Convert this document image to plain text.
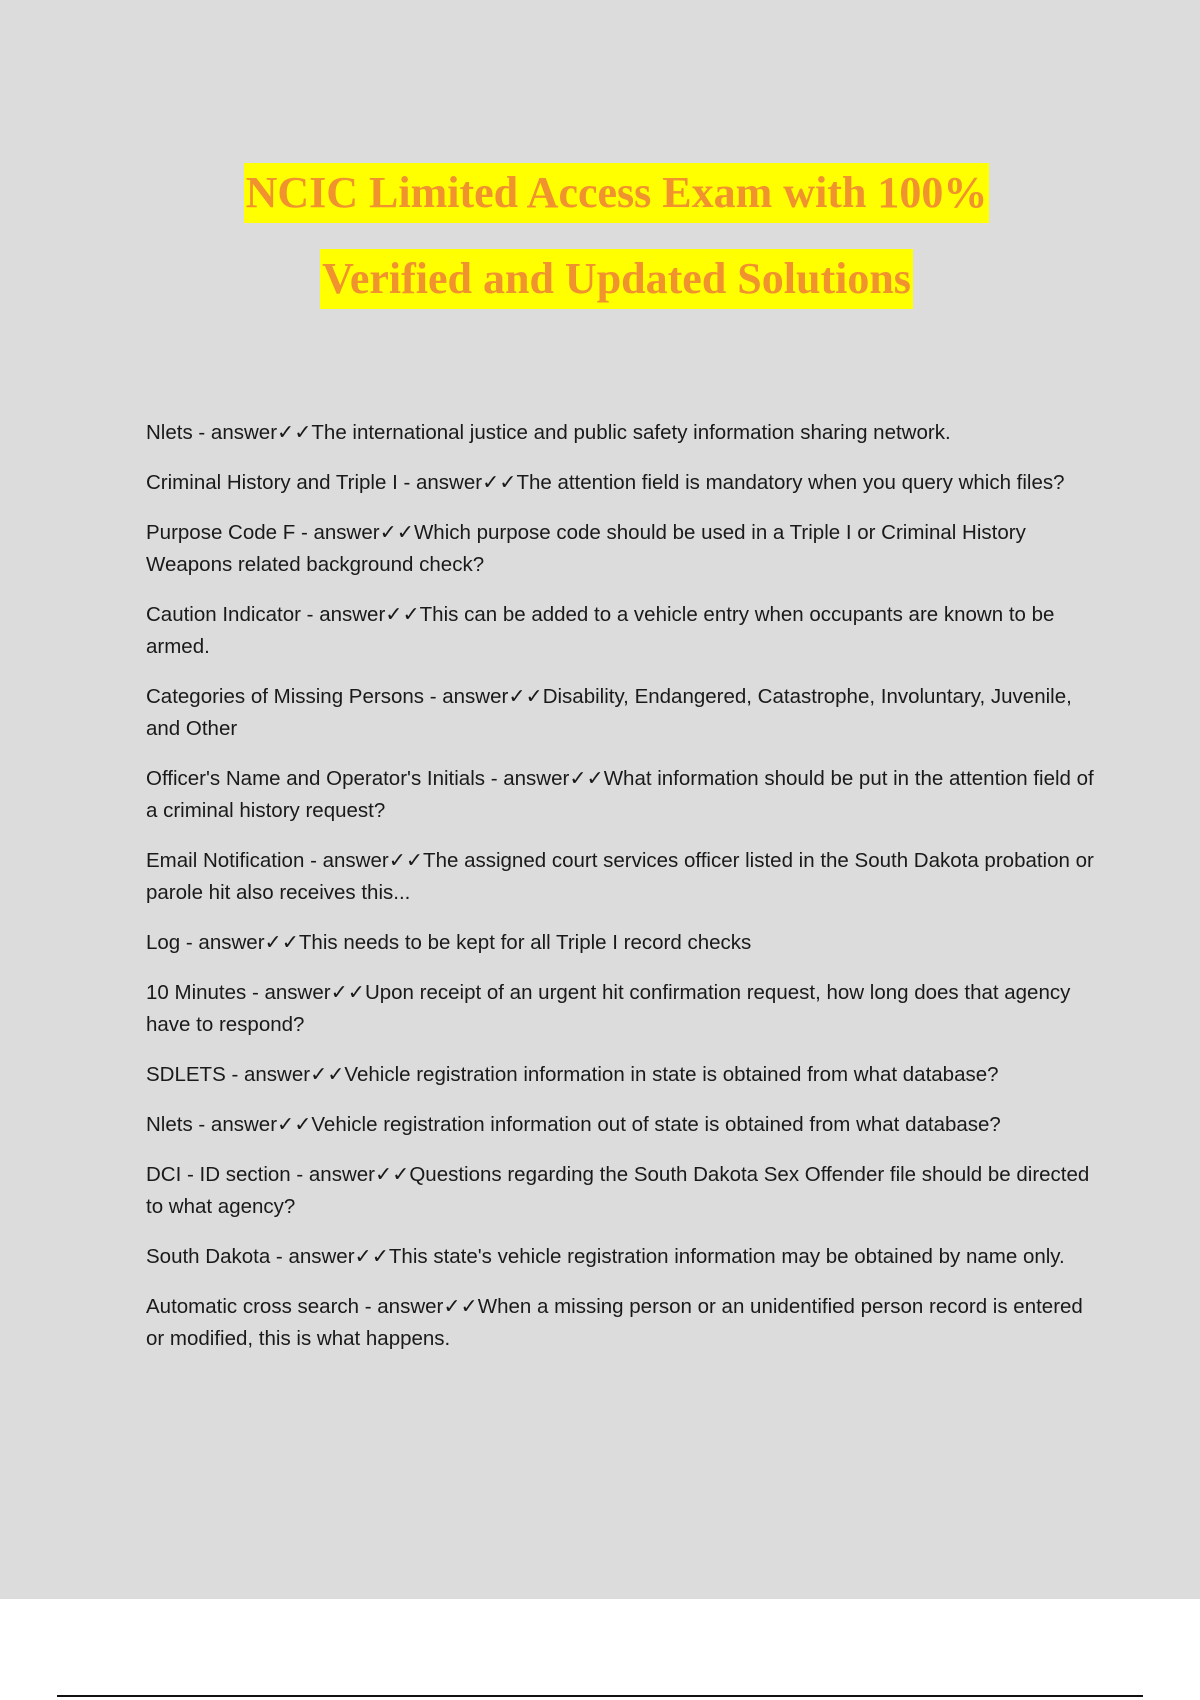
NCIC Limited Access Exam with 100%
Verified and Updated Solutions
Nlets - answer✓✓The international justice and public safety information sharing network.
Criminal History and Triple I - answer✓✓The attention field is mandatory when you query which files?
Purpose Code F - answer✓✓Which purpose code should be used in a Triple I or Criminal History Weapons related background check?
Caution Indicator - answer✓✓This can be added to a vehicle entry when occupants are known to be armed.
Categories of Missing Persons - answer✓✓Disability, Endangered, Catastrophe, Involuntary, Juvenile, and Other
Officer's Name and Operator's Initials - answer✓✓What information should be put in the attention field of a criminal history request?
Email Notification - answer✓✓The assigned court services officer listed in the South Dakota probation or parole hit also receives this...
Log - answer✓✓This needs to be kept for all Triple I record checks
10 Minutes - answer✓✓Upon receipt of an urgent hit confirmation request, how long does that agency have to respond?
SDLETS - answer✓✓Vehicle registration information in state is obtained from what database?
Nlets - answer✓✓Vehicle registration information out of state is obtained from what database?
DCI - ID section - answer✓✓Questions regarding the South Dakota Sex Offender file should be directed to what agency?
South Dakota - answer✓✓This state's vehicle registration information may be obtained by name only.
Automatic cross search - answer✓✓When a missing person or an unidentified person record is entered or modified, this is what happens.
